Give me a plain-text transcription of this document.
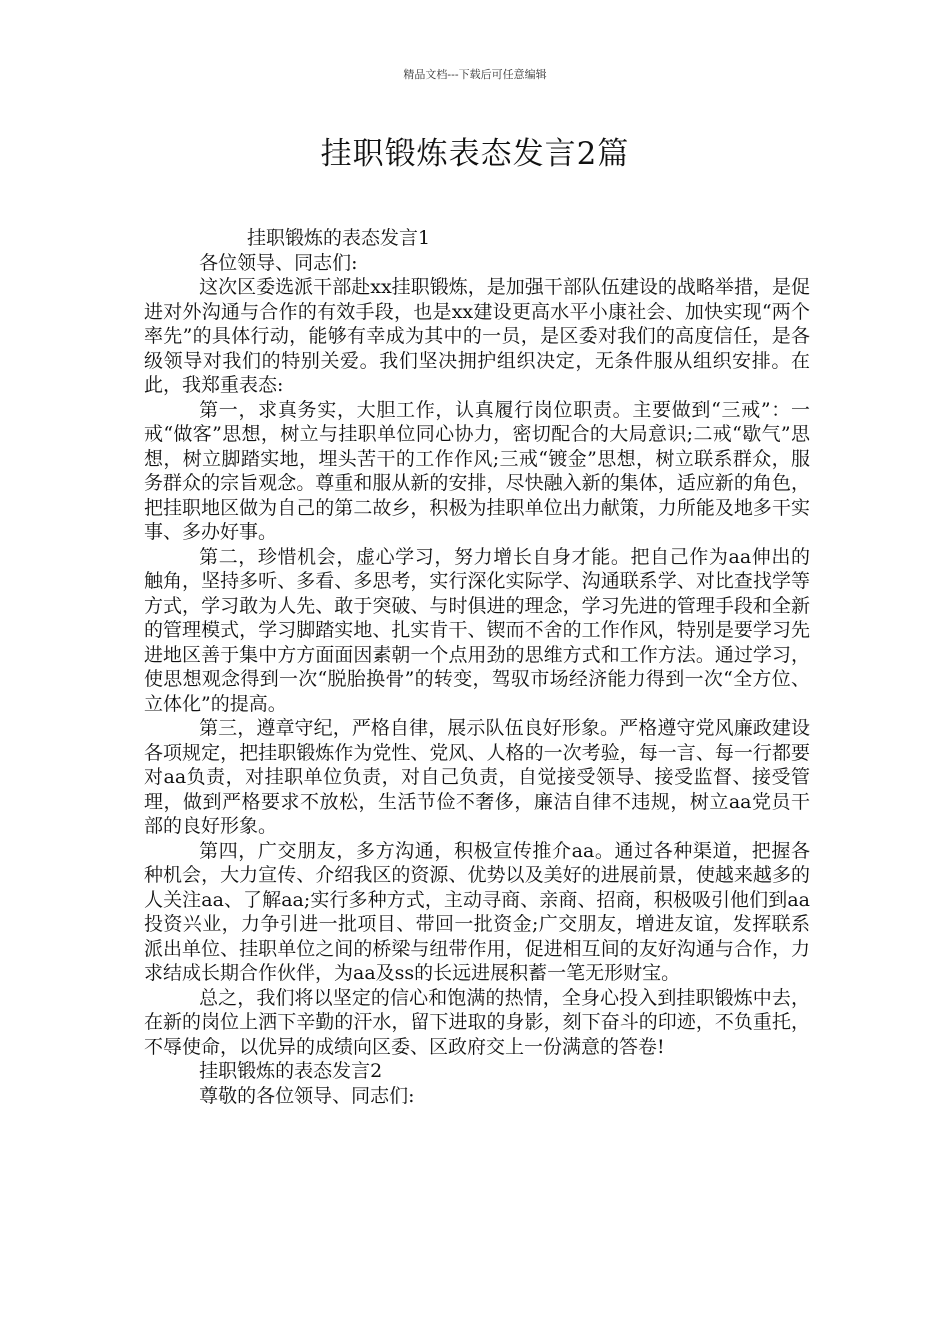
精品文档---下载后可任意编辑
挂职锻炼表态发言2篇

挂职锻炼的表态发言1

各位领导、同志们:

这次区委选派干部赴xx挂职锻炼，是加强干部队伍建设的战略举措，是促进对外沟通与合作的有效手段，也是xx建设更高水平小康社会、加快实现“两个率先”的具体行动，能够有幸成为其中的一员，是区委对我们的高度信任，是各级领导对我们的特别关爱。我们坚决拥护组织决定，无条件服从组织安排。在此，我郑重表态:

第一，求真务实，大胆工作，认真履行岗位职责。主要做到“三戒”：一戒“做客”思想，树立与挂职单位同心协力，密切配合的大局意识;二戒“歇气”思想，树立脚踏实地，埋头苦干的工作作风;三戒“镀金”思想，树立联系群众，服务群众的宗旨观念。尊重和服从新的安排，尽快融入新的集体，适应新的角色，把挂职地区做为自己的第二故乡，积极为挂职单位出力献策，力所能及地多干实事、多办好事。

第二，珍惜机会，虚心学习，努力增长自身才能。把自己作为aa伸出的触角，坚持多听、多看、多思考，实行深化实际学、沟通联系学、对比查找学等方式，学习敢为人先、敢于突破、与时俱进的理念，学习先进的管理手段和全新的管理模式，学习脚踏实地、扎实肯干、锲而不舍的工作作风，特别是要学习先进地区善于集中方方面面因素朝一个点用劲的思维方式和工作方法。通过学习，使思想观念得到一次“脱胎换骨”的转变，驾驭市场经济能力得到一次“全方位、立体化”的提高。

第三，遵章守纪，严格自律，展示队伍良好形象。严格遵守党风廉政建设各项规定，把挂职锻炼作为党性、党风、人格的一次考验，每一言、每一行都要对aa负责，对挂职单位负责，对自己负责，自觉接受领导、接受监督、接受管理，做到严格要求不放松，生活节俭不奢侈，廉洁自律不违规，树立aa党员干部的良好形象。

第四，广交朋友，多方沟通，积极宣传推介aa。通过各种渠道，把握各种机会，大力宣传、介绍我区的资源、优势以及美好的进展前景，使越来越多的人关注aa、了解aa;实行多种方式，主动寻商、亲商、招商，积极吸引他们到aa投资兴业，力争引进一批项目、带回一批资金;广交朋友，增进友谊，发挥联系派出单位、挂职单位之间的桥梁与纽带作用，促进相互间的友好沟通与合作，力求结成长期合作伙伴，为aa及ss的长远进展积蓄一笔无形财宝。

总之，我们将以坚定的信心和饱满的热情，全身心投入到挂职锻炼中去，在新的岗位上洒下辛勤的汗水，留下进取的身影，刻下奋斗的印迹，不负重托，不辱使命，以优异的成绩向区委、区政府交上一份满意的答卷!

挂职锻炼的表态发言2

尊敬的各位领导、同志们:
